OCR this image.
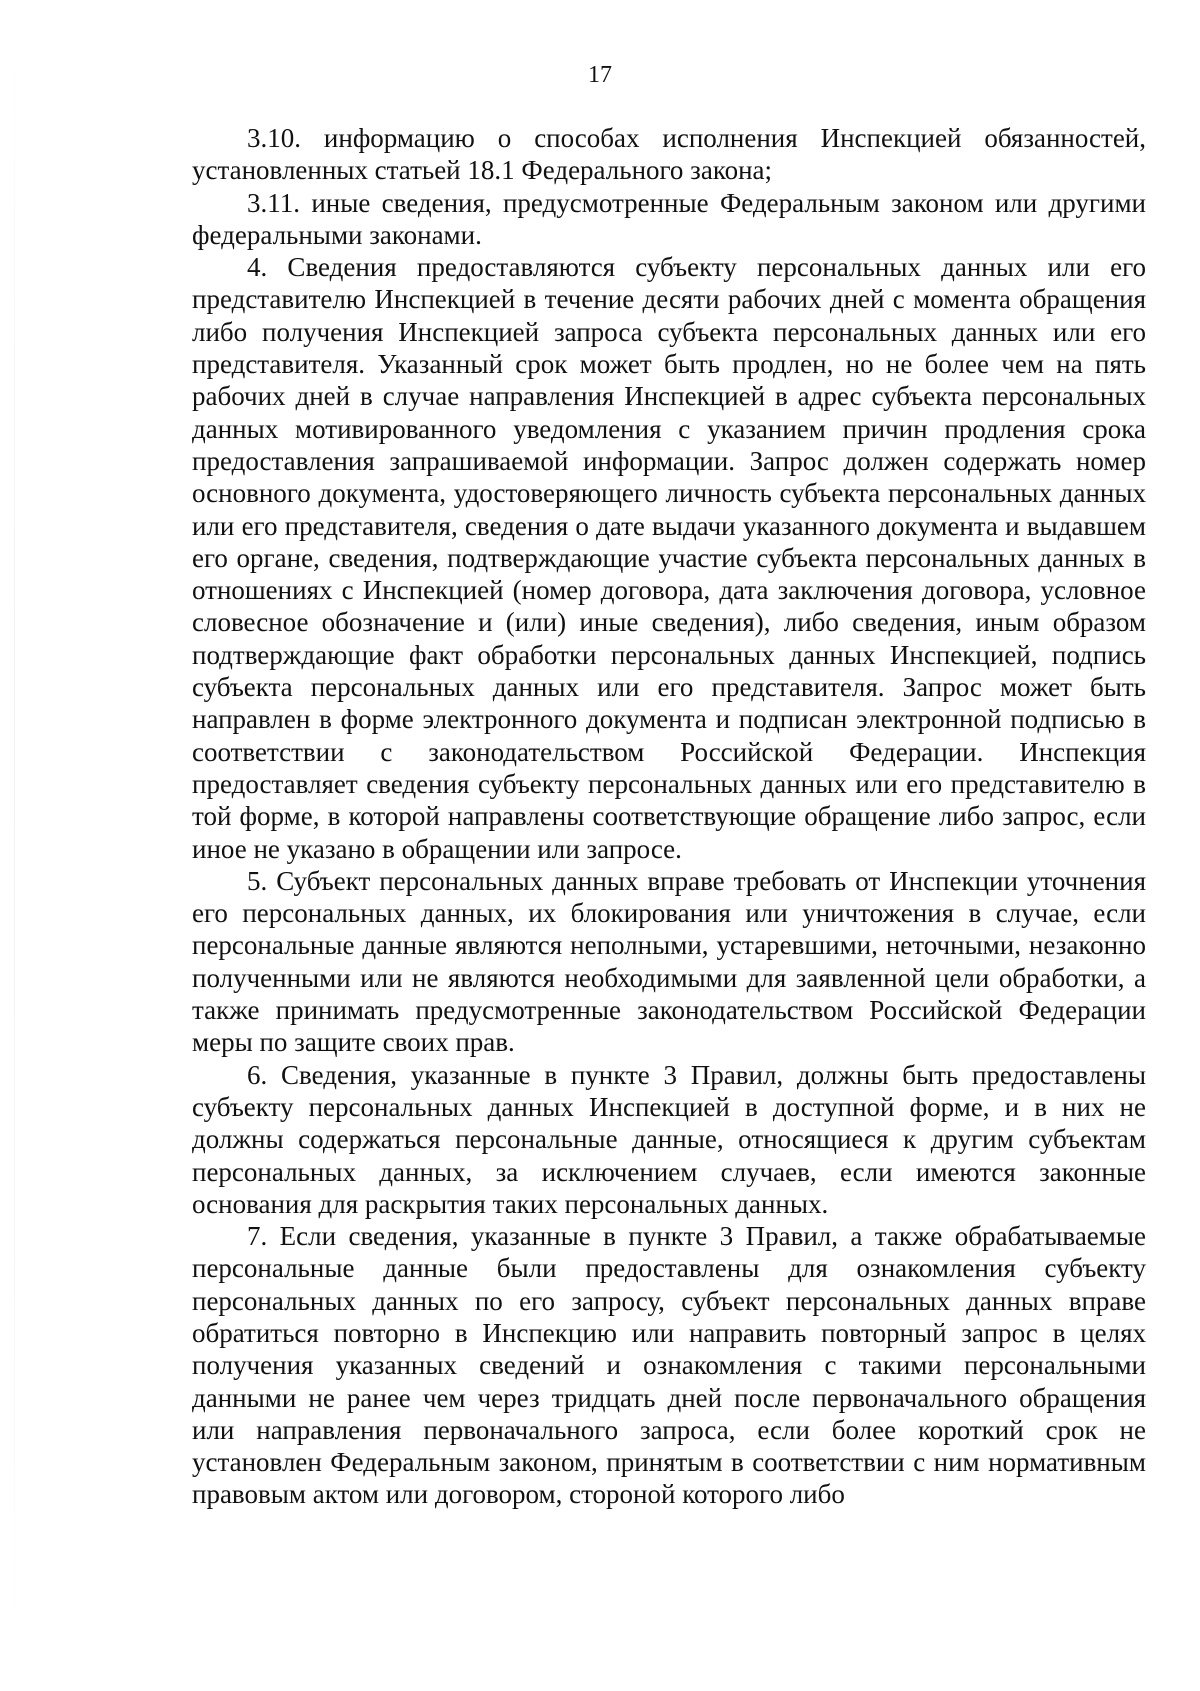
17

3.10. информацию о способах исполнения Инспекцией обязанностей, установленных статьей 18.1 Федерального закона;

3.11. иные сведения, предусмотренные Федеральным законом или другими федеральными законами.

4. Сведения предоставляются субъекту персональных данных или его представителю Инспекцией в течение десяти рабочих дней с момента обращения либо получения Инспекцией запроса субъекта персональных данных или его представителя. Указанный срок может быть продлен, но не более чем на пять рабочих дней в случае направления Инспекцией в адрес субъекта персональных данных мотивированного уведомления с указанием причин продления срока предоставления запрашиваемой информации. Запрос должен содержать номер основного документа, удостоверяющего личность субъекта персональных данных или его представителя, сведения о дате выдачи указанного документа и выдавшем его органе, сведения, подтверждающие участие субъекта персональных данных в отношениях с Инспекцией (номер договора, дата заключения договора, условное словесное обозначение и (или) иные сведения), либо сведения, иным образом подтверждающие факт обработки персональных данных Инспекцией, подпись субъекта персональных данных или его представителя. Запрос может быть направлен в форме электронного документа и подписан электронной подписью в соответствии с законодательством Российской Федерации. Инспекция предоставляет сведения субъекту персональных данных или его представителю в той форме, в которой направлены соответствующие обращение либо запрос, если иное не указано в обращении или запросе.

5. Субъект персональных данных вправе требовать от Инспекции уточнения его персональных данных, их блокирования или уничтожения в случае, если персональные данные являются неполными, устаревшими, неточными, незаконно полученными или не являются необходимыми для заявленной цели обработки, а также принимать предусмотренные законодательством Российской Федерации меры по защите своих прав.

6. Сведения, указанные в пункте 3 Правил, должны быть предоставлены субъекту персональных данных Инспекцией в доступной форме, и в них не должны содержаться персональные данные, относящиеся к другим субъектам персональных данных, за исключением случаев, если имеются законные основания для раскрытия таких персональных данных.

7. Если сведения, указанные в пункте 3 Правил, а также обрабатываемые персональные данные были предоставлены для ознакомления субъекту персональных данных по его запросу, субъект персональных данных вправе обратиться повторно в Инспекцию или направить повторный запрос в целях получения указанных сведений и ознакомления с такими персональными данными не ранее чем через тридцать дней после первоначального обращения или направления первоначального запроса, если более короткий срок не установлен Федеральным законом, принятым в соответствии с ним нормативным правовым актом или договором, стороной которого либо
